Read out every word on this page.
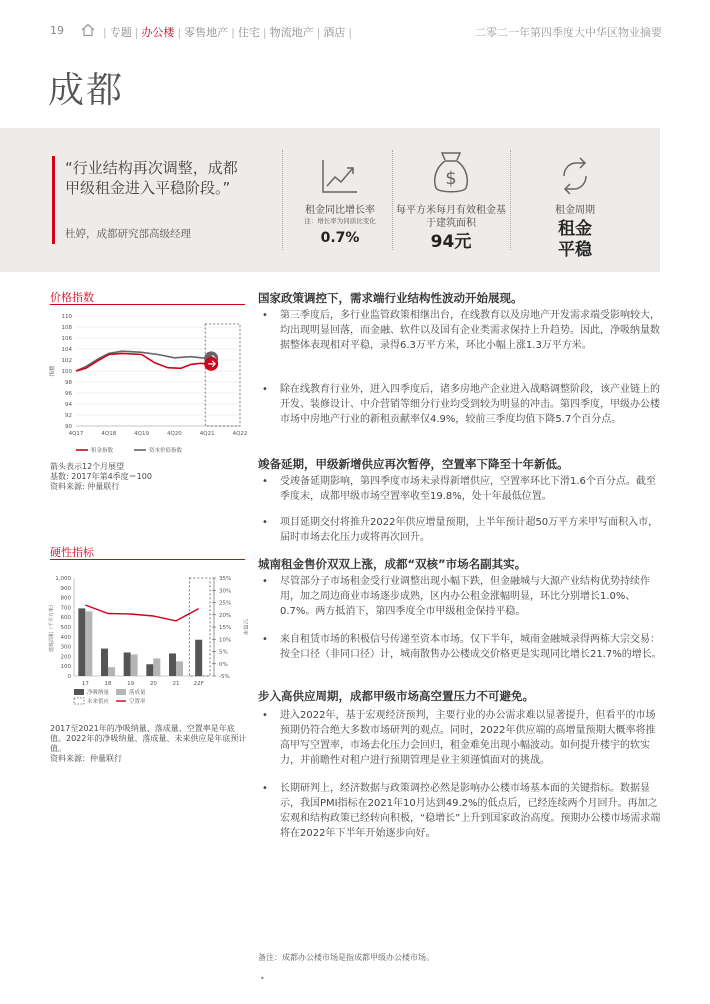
19	| 专题 | 办公楼 | 零售地产 | 住宅 | 物流地产 | 酒店 |	二零二一年第四季度大中华区物业摘要
成都
“行业结构再次调整，成都甲级租金进入平稳阶段。”
杜婷，成都研究部高级经理
租金同比增长率
注：增长率为同质比变化
0.7%
$
每平方米每月有效租金基于建筑面积
94元
租金周期
租金平稳
价格指数
90
92
94
96
98
100
102
104
106
108
110
4Q17	4Q18	4Q19	4Q20	4Q21	4Q22
指数
租金指数	资本价值指数
箭头表示12个月展望
基数: 2017年第4季度＝100
资料来源: 仲量联行
硬性指标
0
100
200
300
400
500
600
700
800
900
1,000
-5%
0%
5%
10%
15%
20%
25%
30%
35%
建筑面积（千平方米）	空置率
17	18	19	20	21	22F
净吸纳量	落成量
未来供应	空置率
2017至2021年的净吸纳量、落成量、空置率是年底值。2022年的净吸纳量、落成量、未来供应是年底预计值。
资料来源：仲量联行
国家政策调控下，需求端行业结构性波动开始展现。
• 第三季度后，多行业监管政策相继出台，在线教育以及房地产开发需求端受影响较大，均出现明显回落，而金融、软件以及国有企业类需求保持上升趋势。因此，净吸纳量数据整体表现相对平稳，录得6.3万平方米，环比小幅上涨1.3万平方米。
• 除在线教育行业外，进入四季度后，诸多房地产企业进入战略调整阶段，该产业链上的开发、装修设计、中介营销等细分行业均受到较为明显的冲击。第四季度，甲级办公楼市场中房地产行业的新租贡献率仅4.9%，较前三季度均值下降5.7个百分点。
竣备延期，甲级新增供应再次暂停，空置率下降至十年新低。
• 受竣备延期影响，第四季度市场未录得新增供应，空置率环比下滑1.6个百分点。截至季度末，成都甲级市场空置率收至19.8%，处十年最低位置。
• 项目延期交付将推升2022年供应增量预期，上半年预计超50万平方米甲写面积入市，届时市场去化压力或将再次回升。
城南租金售价双双上涨，成都“双核”市场名副其实。
• 尽管部分子市场租金受行业调整出现小幅下跌，但金融城与大源产业结构优势持续作用，加之周边商业市场逐步成熟，区内办公租金涨幅明显，环比分别增长1.0%、0.7%。两方抵消下，第四季度全市甲级租金保持平稳。
• 来自租赁市场的积极信号传递至资本市场。仅下半年，城南金融城录得两栋大宗交易：按全口径（非同口径）计，城南散售办公楼成交价格更是实现同比增长21.7%的增长。
步入高供应周期，成都甲级市场高空置压力不可避免。
• 进入2022年，基于宏观经济预判，主要行业的办公需求难以显著提升，但看平的市场预期仍符合绝大多数市场研判的观点。同时，2022年供应端的高增量预期大概率将推高甲写空置率，市场去化压力会回归，租金难免出现小幅波动。如何提升楼宇的软实力，并前瞻性对租户进行预期管理是业主须谨慎面对的挑战。
• 长期研判上，经济数据与政策调控必然是影响办公楼市场基本面的关键指标。数据显示，我国PMI指标在2021年10月达到49.2%的低点后，已经连续两个月回升。再加之宏观和结构政策已经转向积极，“稳增长”上升到国家政治高度。预期办公楼市场需求端将在2022年下半年开始逐步向好。
备注：成都办公楼市场是指成都甲级办公楼市场。
•
